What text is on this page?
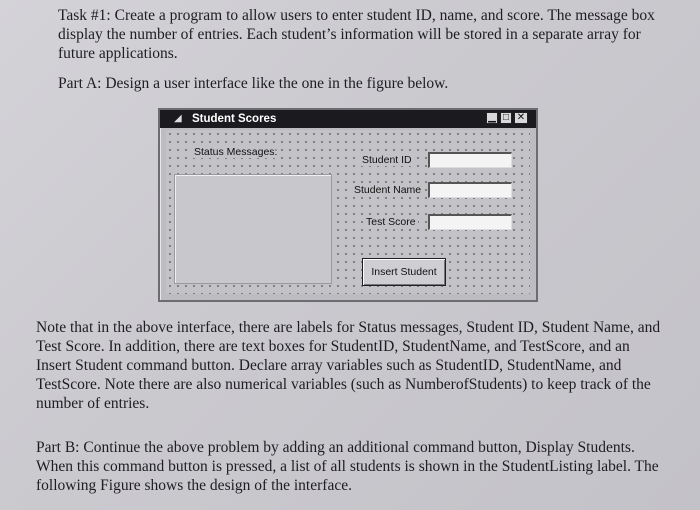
Task #1: Create a program to allow users to enter student ID, name, and score. The message box display the number of entries. Each student’s information will be stored in a separate array for future applications.

Part A: Design a user interface like the one in the figure below.

◢ Student Scores	▁ □ ✕
Status Messages:
Student ID
Student Name
Test Score
Insert Student

Note that in the above interface, there are labels for Status messages, Student ID, Student Name, and Test Score. In addition, there are text boxes for StudentID, StudentName, and TestScore, and an Insert Student command button. Declare array variables such as StudentID, StudentName, and TestScore. Note there are also numerical variables (such as NumberofStudents) to keep track of the number of entries.

Part B: Continue the above problem by adding an additional command button, Display Students. When this command button is pressed, a list of all students is shown in the StudentListing label. The following Figure shows the design of the interface.
